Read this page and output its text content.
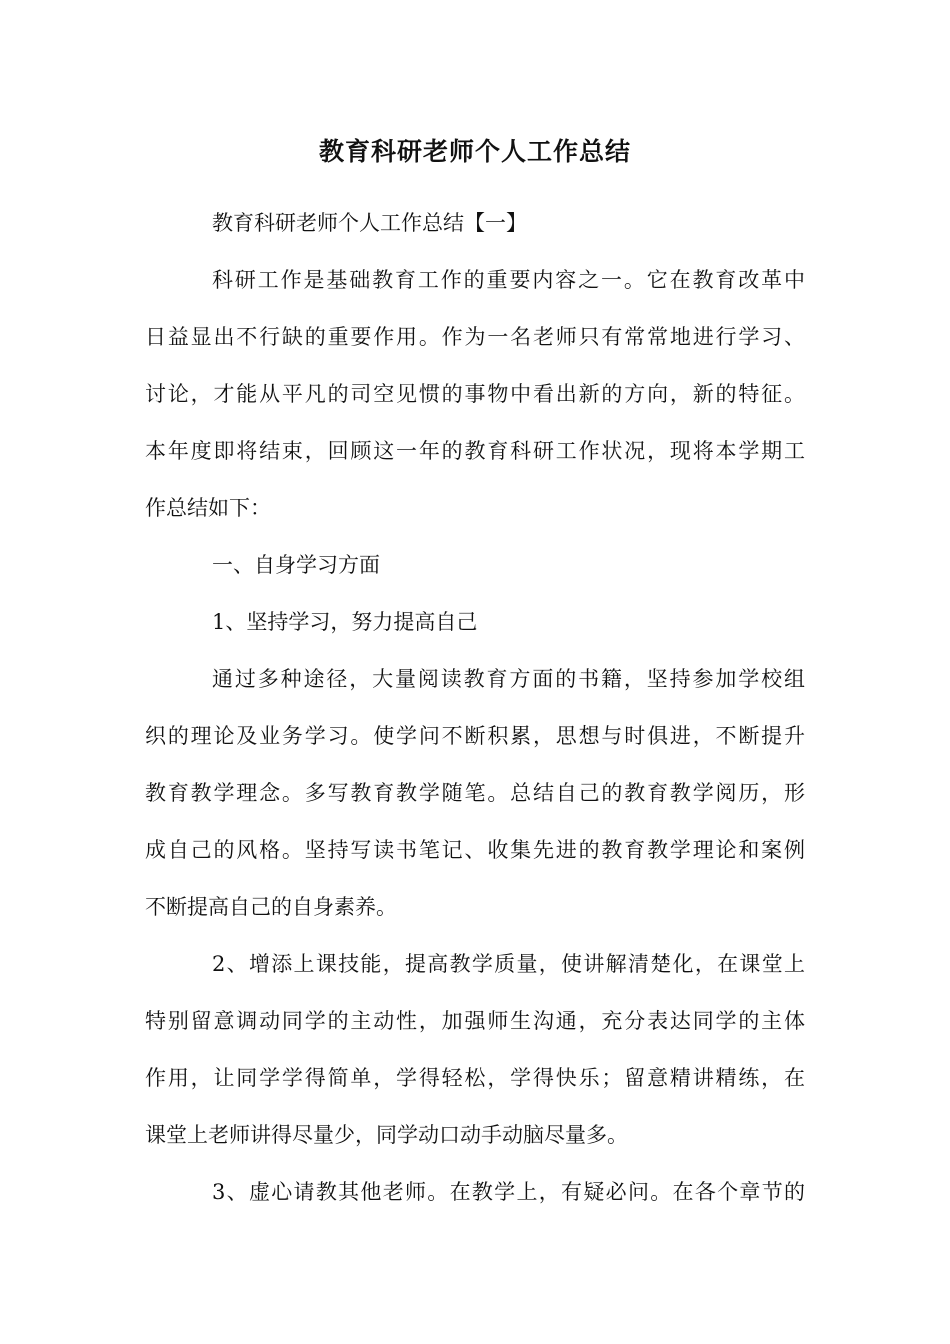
教育科研老师个人工作总结
教育科研老师个人工作总结【一】
科研工作是基础教育工作的重要内容之一。它在教育改革中
日益显出不行缺的重要作用。作为一名老师只有常常地进行学习、
讨论，才能从平凡的司空见惯的事物中看出新的方向，新的特征。
本年度即将结束，回顾这一年的教育科研工作状况，现将本学期工
作总结如下：
一、自身学习方面
1、坚持学习，努力提高自己
通过多种途径，大量阅读教育方面的书籍，坚持参加学校组
织的理论及业务学习。使学问不断积累，思想与时俱进，不断提升
教育教学理念。多写教育教学随笔。总结自己的教育教学阅历，形
成自己的风格。坚持写读书笔记、收集先进的教育教学理论和案例
不断提高自己的自身素养。
2、增添上课技能，提高教学质量，使讲解清楚化，在课堂上
特别留意调动同学的主动性，加强师生沟通，充分表达同学的主体
作用，让同学学得简单，学得轻松，学得快乐；留意精讲精练，在
课堂上老师讲得尽量少，同学动口动手动脑尽量多。
3、虚心请教其他老师。在教学上，有疑必问。在各个章节的
